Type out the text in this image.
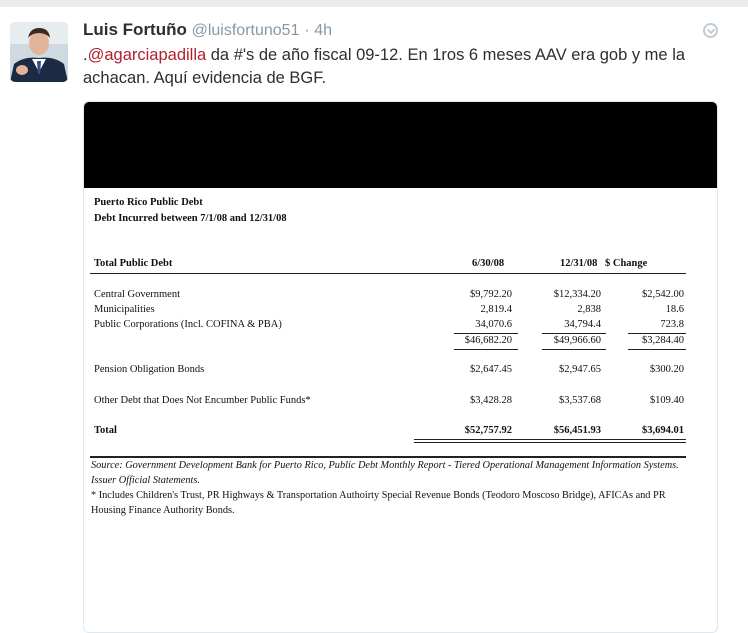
Luis Fortuño @luisfortuno51 · 4h
.@agarciapadilla da #'s de año fiscal 09-12. En 1ros 6 meses AAV era gob y me la achacan. Aquí evidencia de BGF.
Puerto Rico Public Debt
Debt Incurred between 7/1/08 and 12/31/08
Total Public Debt	6/30/08	12/31/08 $ Change
Central Government	$9,792.20	$12,334.20	$2,542.00
Municipalities	2,819.4	2,838	18.6
Public Corporations (Incl. COFINA & PBA)	34,070.6	34,794.4	723.8
$46,682.20	$49,966.60	$3,284.40
Pension Obligation Bonds	$2,647.45	$2,947.65	$300.20
Other Debt that Does Not Encumber Public Funds*	$3,428.28	$3,537.68	$109.40
Total	$52,757.92	$56,451.93	$3,694.01
Source: Government Development Bank for Puerto Rico, Public Debt Monthly Report - Tiered Operational Management Information Systems. Issuer Official Statements.
* Includes Children's Trust, PR Highways & Transportation Authoirty Special Revenue Bonds (Teodoro Moscoso Bridge), AFICAs and PR Housing Finance Authority Bonds.
